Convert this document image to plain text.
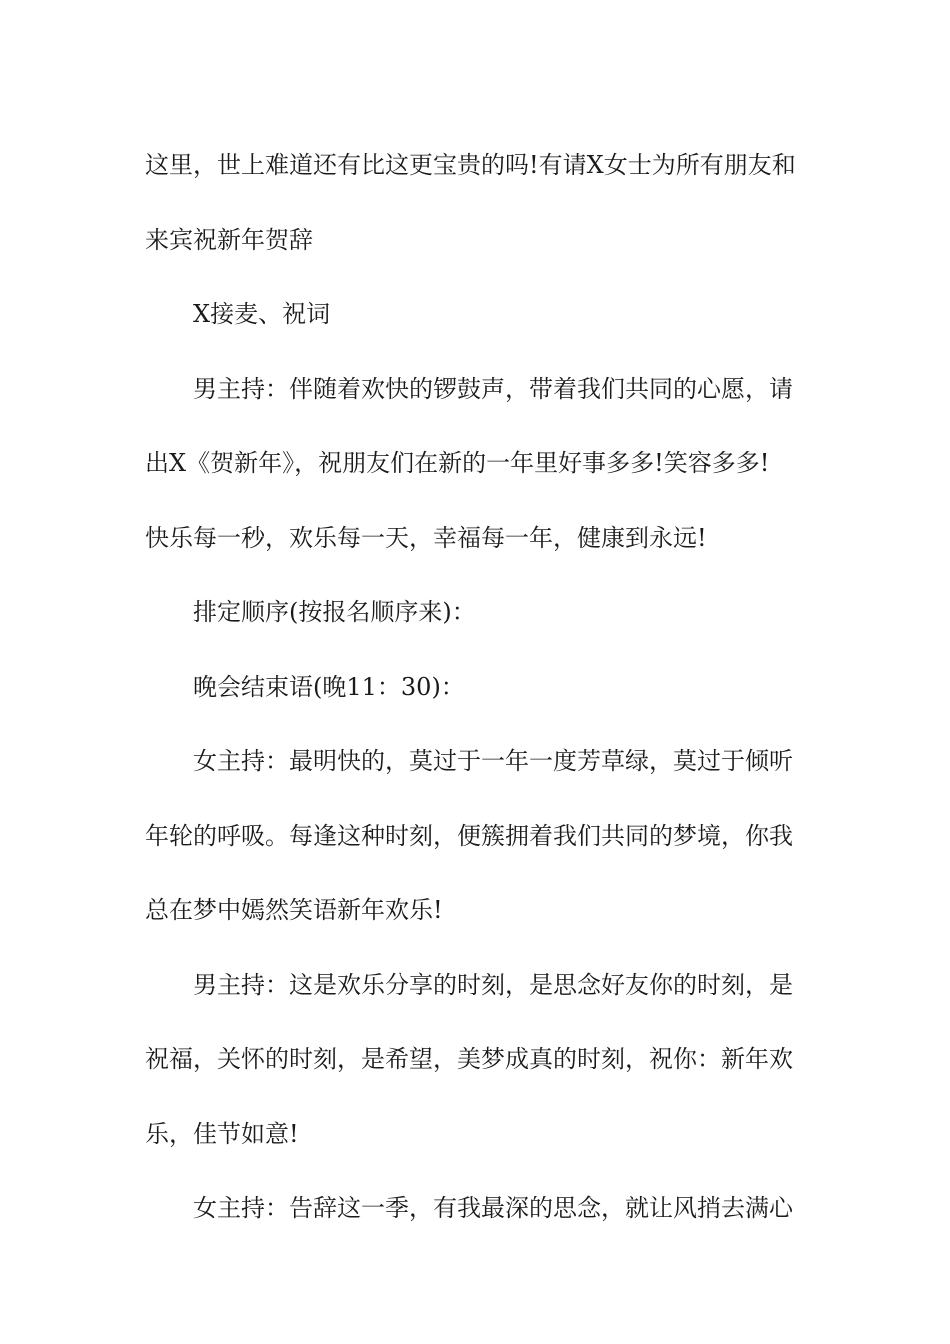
这里，世上难道还有比这更宝贵的吗!有请X女士为所有朋友和

来宾祝新年贺辞

X接麦、祝词

男主持：伴随着欢快的锣鼓声，带着我们共同的心愿，请

出X《贺新年》，祝朋友们在新的一年里好事多多!笑容多多!

快乐每一秒，欢乐每一天，幸福每一年，健康到永远!

排定顺序(按报名顺序来)：

晚会结束语(晚11：30)：

女主持：最明快的，莫过于一年一度芳草绿，莫过于倾听

年轮的呼吸。每逢这种时刻，便簇拥着我们共同的梦境，你我

总在梦中嫣然笑语新年欢乐!

男主持：这是欢乐分享的时刻，是思念好友你的时刻，是

祝福，关怀的时刻，是希望，美梦成真的时刻，祝你：新年欢

乐，佳节如意!

女主持：告辞这一季，有我最深的思念，就让风捎去满心
